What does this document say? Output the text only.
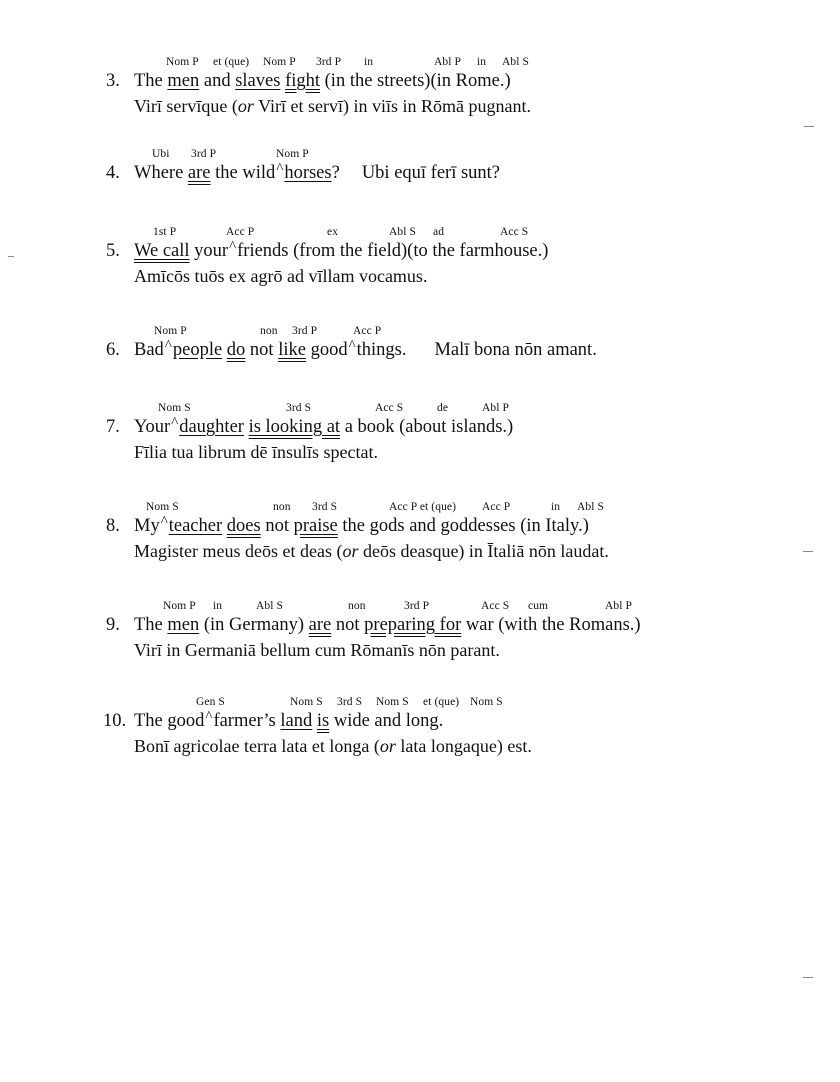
Nom P et (que) Nom P 3rd P in	Abl P in Abl S
3. The men and slaves fight (in the streets)(in Rome.)
Virī servīque (or Virī et servī) in viīs in Rōmā pugnant.
Ubi 3rd P	Nom P
4. Where are the wild^horses? Ubi equī ferī sunt?
1st P	Acc P	ex	Abl S ad	Acc S
5. We call your^friends (from the field)(to the farmhouse.)
Amīcōs tuōs ex agrō ad vīllam vocamus.
Nom P	non 3rd P	Acc P
6. Bad^people do not like good^things. Malī bona nōn amant.
Nom S	3rd S	Acc S	de	Abl P
7. Your^daughter is looking at a book (about islands.)
Fīlia tua librum dē īnsulīs spectat.
Nom S	non 3rd S	Acc P et (que) Acc P	in Abl S
8. My^teacher does not praise the gods and goddesses (in Italy.)
Magister meus deōs et deas (or deōs deasque) in Ītaliā nōn laudat.
Nom P in	Abl S	non	3rd P	Acc S cum	Abl P
9. The men (in Germany) are not preparing for war (with the Romans.)
Virī in Germaniā bellum cum Rōmanīs nōn parant.
Gen S	Nom S 3rd S Nom S et (que) Nom S
10. The good^farmer’s land is wide and long.
Bonī agricolae terra lata et longa (or lata longaque) est.
